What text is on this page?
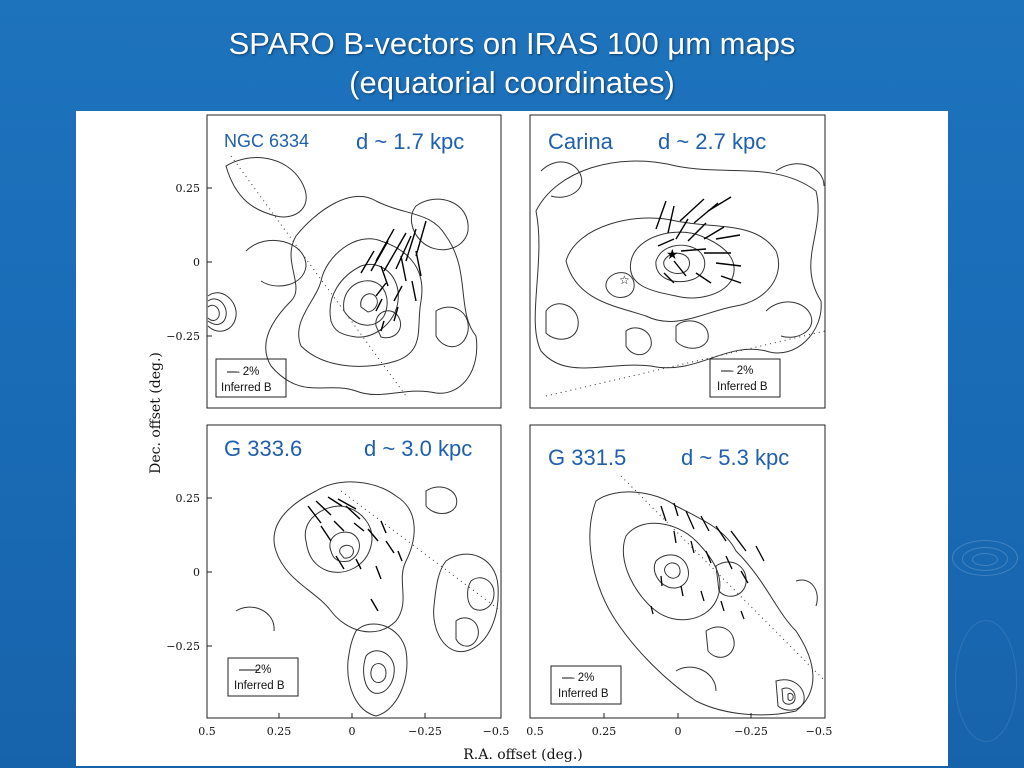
SPARO B-vectors on IRAS 100 μm maps
(equatorial coordinates)
★
☆
0.25
0
−0.25
0.25
0
−0.25
0.5	0.25	0	−0.25	−0.5 0.5	0.25	0	−0.25	−0.5
R.A. offset (deg.)
Dec. offset (deg.)	— 2%
Inferred B
— 2%
Inferred B
— 2%
Inferred B
— 2%
Inferred B
NGC 6334 d ~ 1.7 kpc	Carina d ~ 2.7 kpc
G 333.6	d ~ 3.0 kpc	G 331.5 d ~ 5.3 kpc
